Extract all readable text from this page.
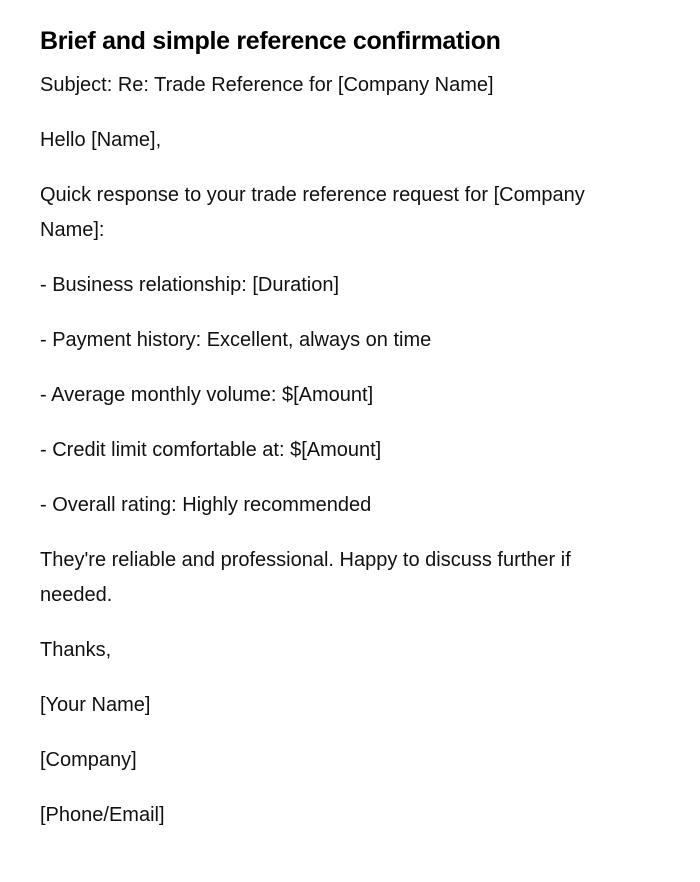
Brief and simple reference confirmation

Subject: Re: Trade Reference for [Company Name]

Hello [Name],

Quick response to your trade reference request for [Company Name]:

- Business relationship: [Duration]

- Payment history: Excellent, always on time

- Average monthly volume: $[Amount]

- Credit limit comfortable at: $[Amount]

- Overall rating: Highly recommended

They're reliable and professional. Happy to discuss further if needed.

Thanks,

[Your Name]

[Company]

[Phone/Email]
